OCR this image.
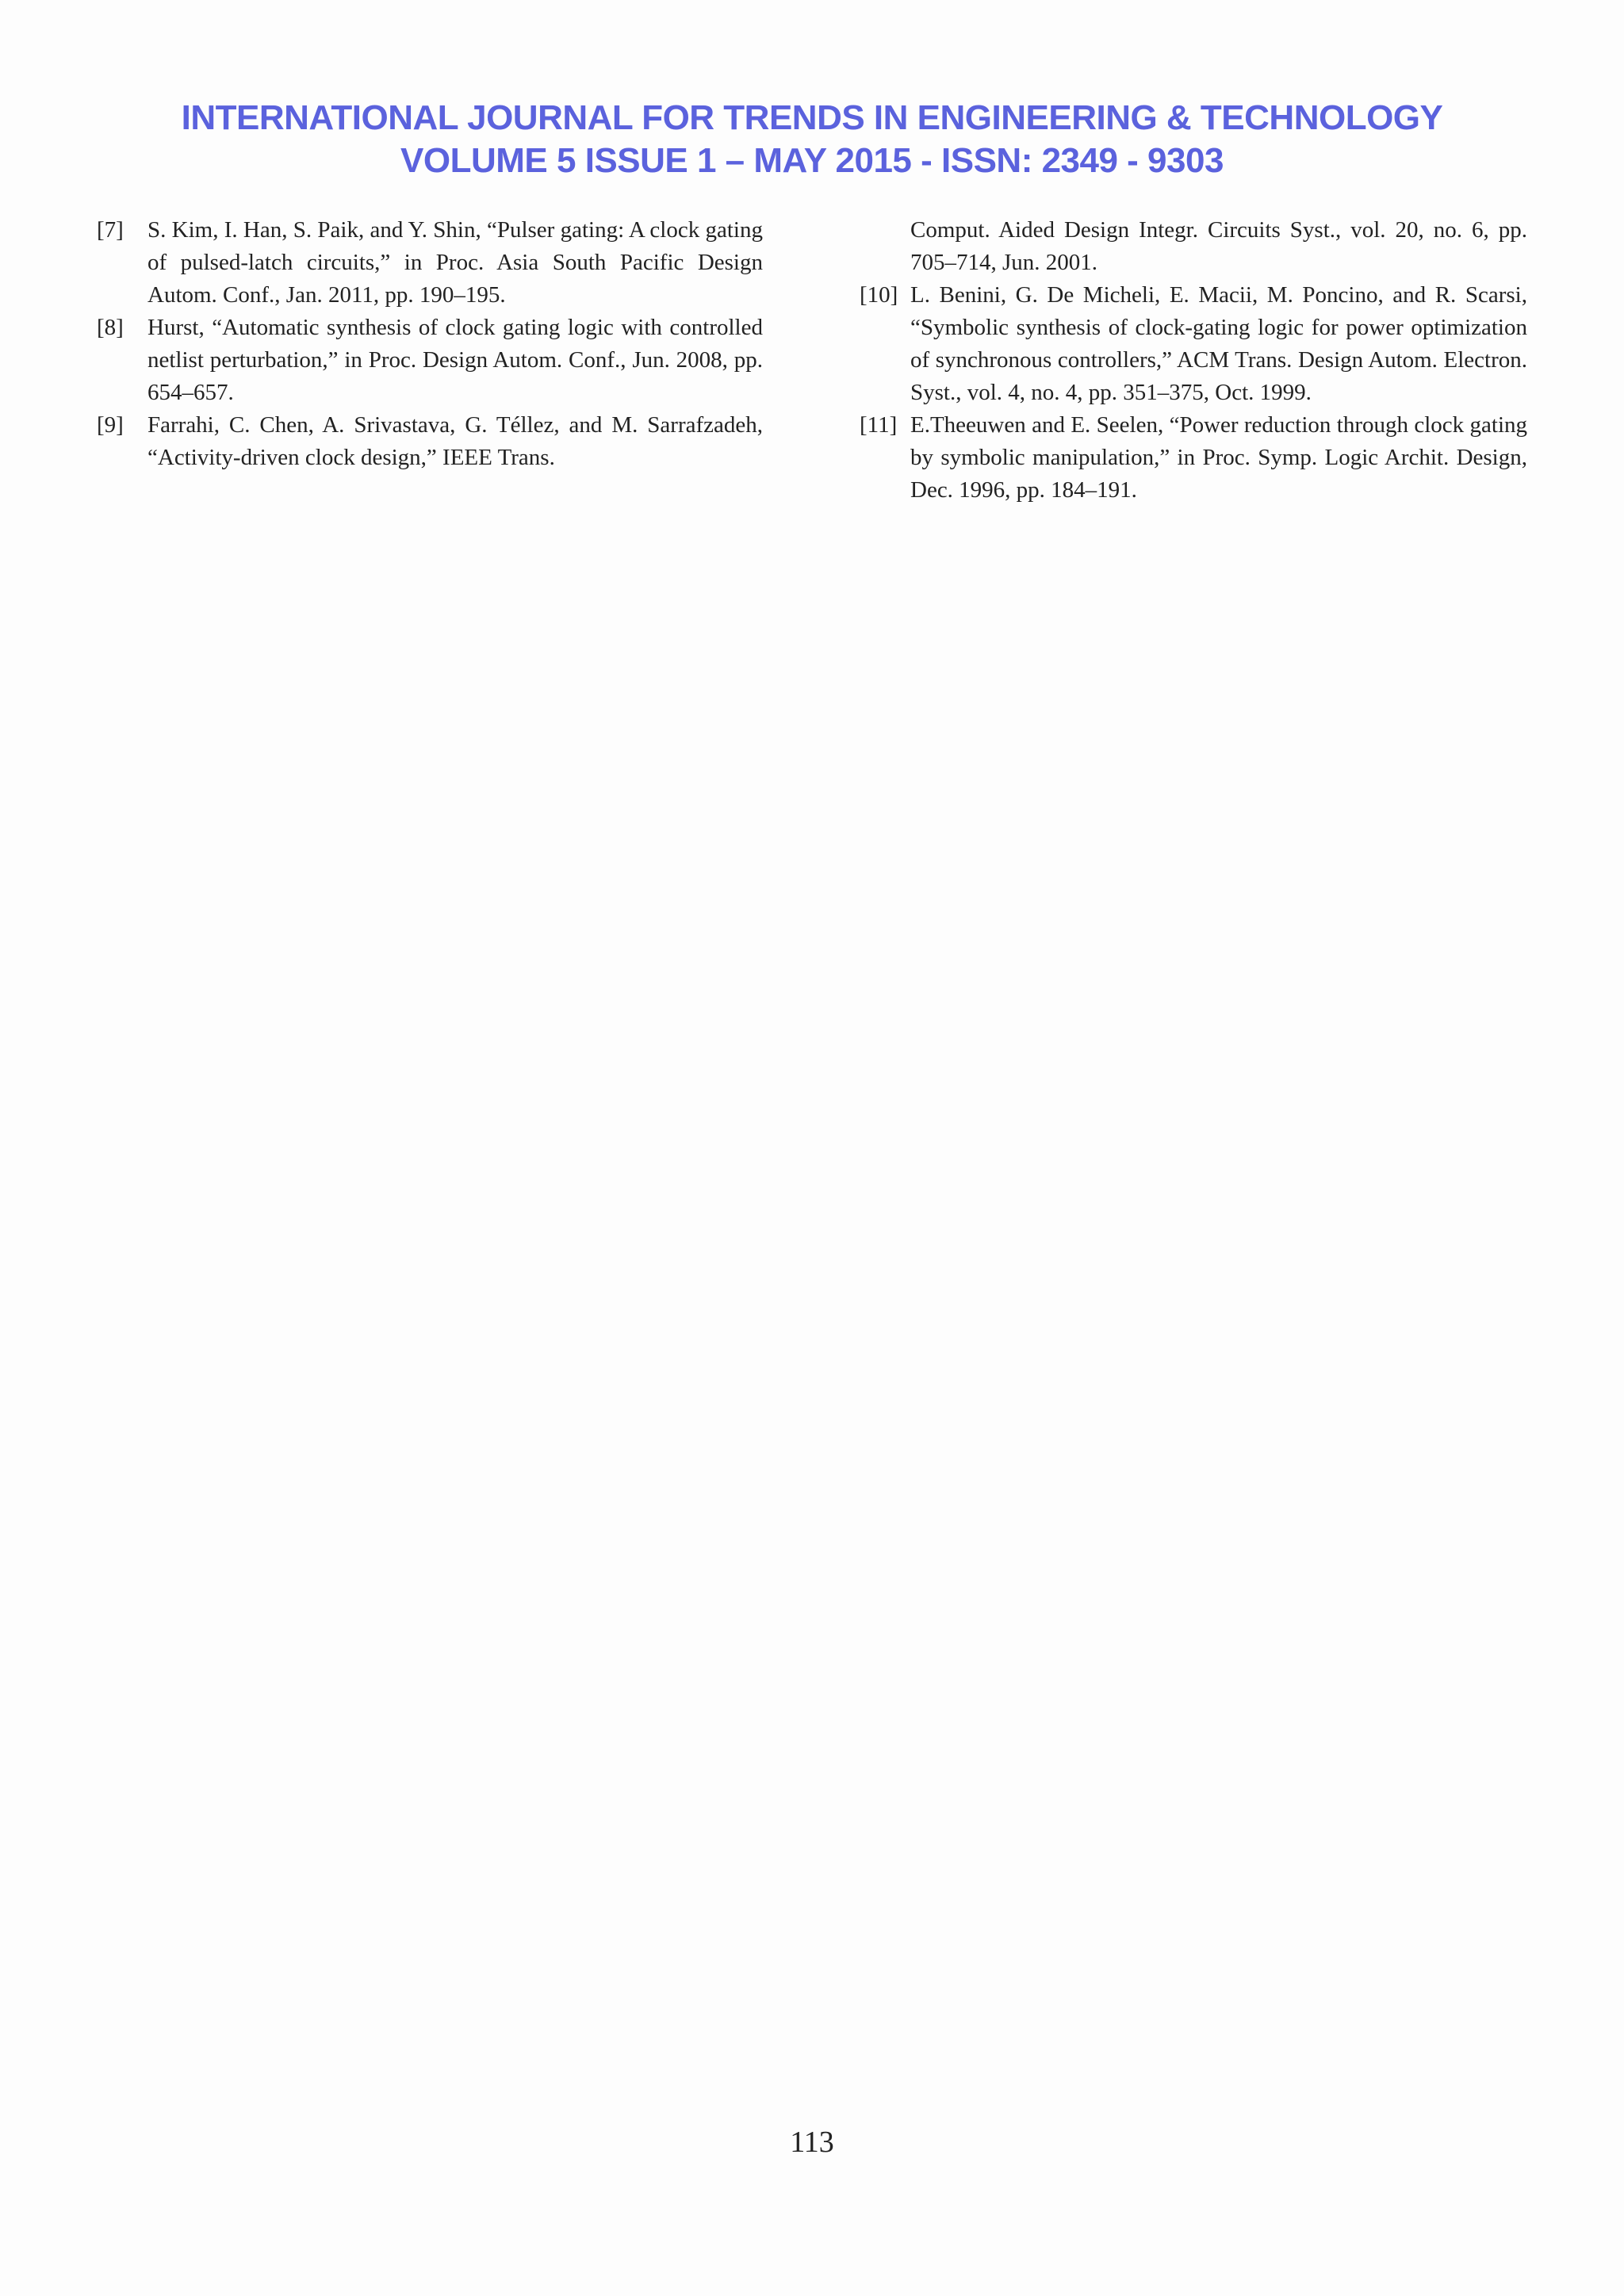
INTERNATIONAL JOURNAL FOR TRENDS IN ENGINEERING & TECHNOLOGY
VOLUME 5 ISSUE 1 – MAY 2015 - ISSN: 2349 - 9303
[7] S. Kim, I. Han, S. Paik, and Y. Shin, “Pulser gating: A clock gating of pulsed-latch circuits,” in Proc. Asia South Pacific Design Autom. Conf., Jan. 2011, pp. 190–195.
[8] Hurst, “Automatic synthesis of clock gating logic with controlled netlist perturbation,” in Proc. Design Autom. Conf., Jun. 2008, pp. 654–657.
[9] Farrahi, C. Chen, A. Srivastava, G. Téllez, and M. Sarrafzadeh, “Activity-driven clock design,” IEEE Trans.
Comput. Aided Design Integr. Circuits Syst., vol. 20, no. 6, pp. 705–714, Jun. 2001.
[10] L. Benini, G. De Micheli, E. Macii, M. Poncino, and R. Scarsi, “Symbolic synthesis of clock-gating logic for power optimization of synchronous controllers,” ACM Trans. Design Autom. Electron. Syst., vol. 4, no. 4, pp. 351–375, Oct. 1999.
[11] E.Theeuwen and E. Seelen, “Power reduction through clock gating by symbolic manipulation,” in Proc. Symp. Logic Archit. Design, Dec. 1996, pp. 184–191.
113
